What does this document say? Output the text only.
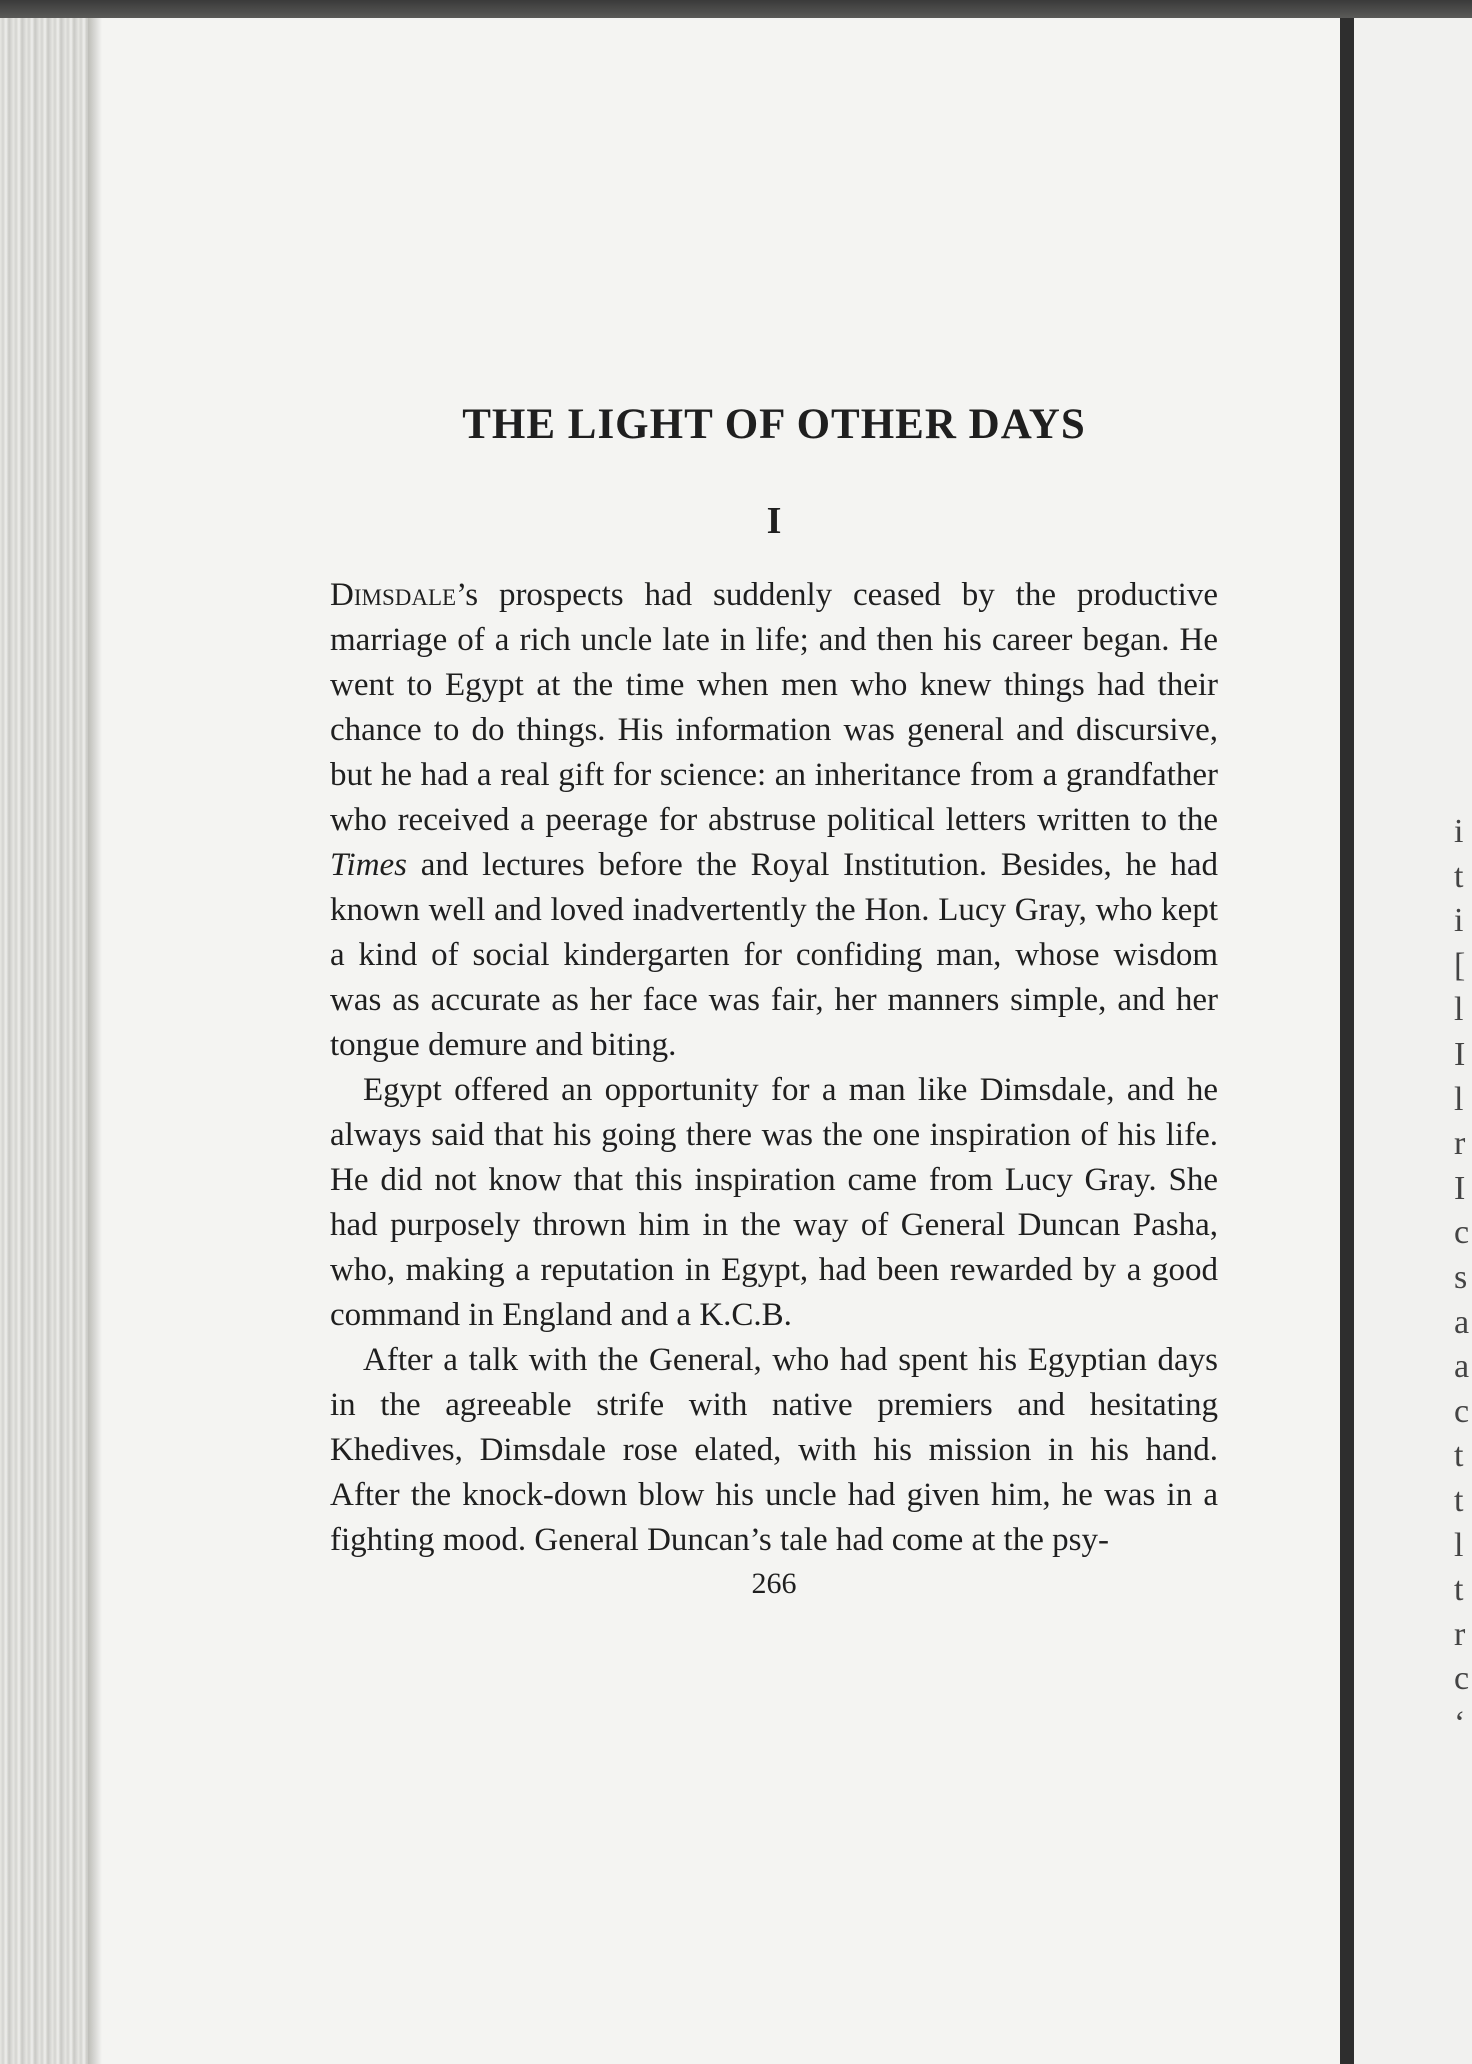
i
t
i
[
l
I
l
r
I
c
s
a
a
c
t
t
l
t
r
c
‘
THE LIGHT OF OTHER DAYS
I

Dimsdale’s prospects had suddenly ceased by the productive marriage of a rich uncle late in life; and then his career began. He went to Egypt at the time when men who knew things had their chance to do things. His information was general and discursive, but he had a real gift for science: an inheritance from a grandfather who received a peerage for abstruse political letters written to the Times and lectures before the Royal Institution. Besides, he had known well and loved inadvertently the Hon. Lucy Gray, who kept a kind of social kindergarten for confiding man, whose wisdom was as accurate as her face was fair, her manners simple, and her tongue demure and biting.

Egypt offered an opportunity for a man like Dimsdale, and he always said that his going there was the one inspiration of his life. He did not know that this inspiration came from Lucy Gray. She had purposely thrown him in the way of General Duncan Pasha, who, making a reputation in Egypt, had been rewarded by a good command in England and a K.C.B.

After a talk with the General, who had spent his Egyptian days in the agreeable strife with native premiers and hesitating Khedives, Dimsdale rose elated, with his mission in his hand. After the knock-down blow his uncle had given him, he was in a fighting mood. General Duncan’s tale had come at the psy-

266
